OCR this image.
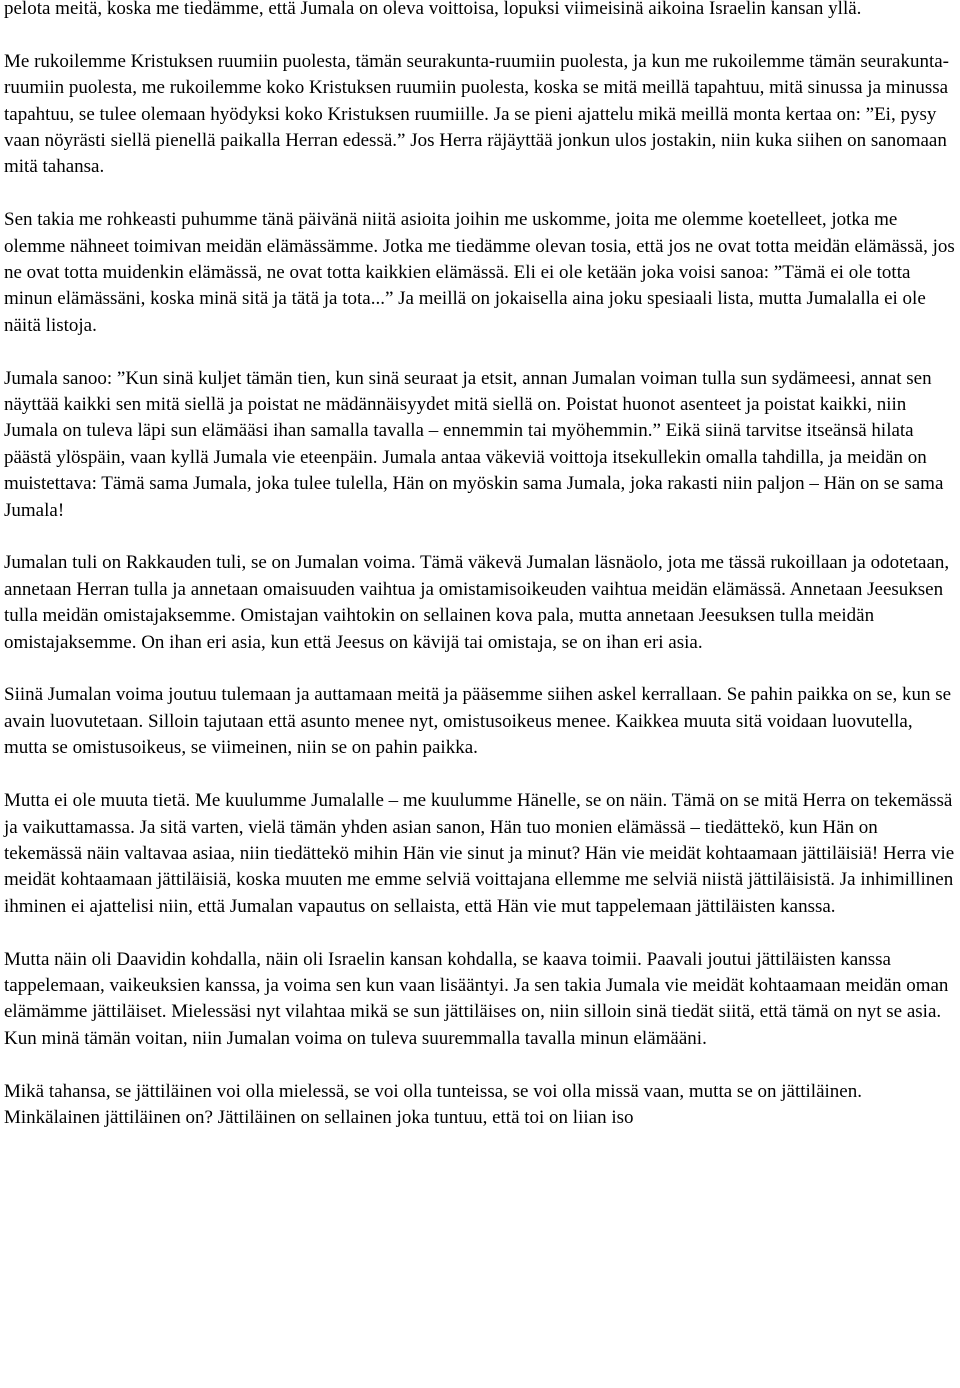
pelota meitä, koska me tiedämme, että Jumala on oleva voittoisa, lopuksi viimeisinä aikoina Israelin kansan yllä.

Me rukoilemme Kristuksen ruumiin puolesta, tämän seurakunta-ruumiin puolesta, ja kun me rukoilemme tämän seurakunta-ruumiin puolesta, me rukoilemme koko Kristuksen ruumiin puolesta, koska se mitä meillä tapahtuu, mitä sinussa ja minussa tapahtuu, se tulee olemaan hyödyksi koko Kristuksen ruumiille. Ja se pieni ajattelu mikä meillä monta kertaa on: ”Ei, pysy vaan nöyrästi siellä pienellä paikalla Herran edessä.” Jos Herra räjäyttää jonkun ulos jostakin, niin kuka siihen on sanomaan mitä tahansa.

Sen takia me rohkeasti puhumme tänä päivänä niitä asioita joihin me uskomme, joita me olemme koetelleet, jotka me olemme nähneet toimivan meidän elämässämme. Jotka me tiedämme olevan tosia, että jos ne ovat totta meidän elämässä, jos ne ovat totta muidenkin elämässä, ne ovat totta kaikkien elämässä. Eli ei ole ketään joka voisi sanoa: ”Tämä ei ole totta minun elämässäni, koska minä sitä ja tätä ja tota...” Ja meillä on jokaisella aina joku spesiaali lista, mutta Jumalalla ei ole näitä listoja.

Jumala sanoo: ”Kun sinä kuljet tämän tien, kun sinä seuraat ja etsit, annan Jumalan voiman tulla sun sydämeesi, annat sen näyttää kaikki sen mitä siellä ja poistat ne mädännäisyydet mitä siellä on. Poistat huonot asenteet ja poistat kaikki, niin Jumala on tuleva läpi sun elämääsi ihan samalla tavalla – ennemmin tai myöhemmin.” Eikä siinä tarvitse itseänsä hilata päästä ylöspäin, vaan kyllä Jumala vie eteenpäin. Jumala antaa väkeviä voittoja itsekullekin omalla tahdilla, ja meidän on muistettava: Tämä sama Jumala, joka tulee tulella, Hän on myöskin sama Jumala, joka rakasti niin paljon – Hän on se sama Jumala!

Jumalan tuli on Rakkauden tuli, se on Jumalan voima. Tämä väkevä Jumalan läsnäolo, jota me tässä rukoillaan ja odotetaan, annetaan Herran tulla ja annetaan omaisuuden vaihtua ja omistamisoikeuden vaihtua meidän elämässä. Annetaan Jeesuksen tulla meidän omistajaksemme. Omistajan vaihtokin on sellainen kova pala, mutta annetaan Jeesuksen tulla meidän omistajaksemme. On ihan eri asia, kun että Jeesus on kävijä tai omistaja, se on ihan eri asia.

Siinä Jumalan voima joutuu tulemaan ja auttamaan meitä ja pääsemme siihen askel kerrallaan. Se pahin paikka on se, kun se avain luovutetaan. Silloin tajutaan että asunto menee nyt, omistusoikeus menee. Kaikkea muuta sitä voidaan luovutella, mutta se omistusoikeus, se viimeinen, niin se on pahin paikka.

Mutta ei ole muuta tietä. Me kuulumme Jumalalle – me kuulumme Hänelle, se on näin. Tämä on se mitä Herra on tekemässä ja vaikuttamassa. Ja sitä varten, vielä tämän yhden asian sanon, Hän tuo monien elämässä – tiedättekö, kun Hän on tekemässä näin valtavaa asiaa, niin tiedättekö mihin Hän vie sinut ja minut? Hän vie meidät kohtaamaan jättiläisiä! Herra vie meidät kohtaamaan jättiläisiä, koska muuten me emme selviä voittajana ellemme me selviä niistä jättiläisistä. Ja inhimillinen ihminen ei ajattelisi niin, että Jumalan vapautus on sellaista, että Hän vie mut tappelemaan jättiläisten kanssa.

Mutta näin oli Daavidin kohdalla, näin oli Israelin kansan kohdalla, se kaava toimii. Paavali joutui jättiläisten kanssa tappelemaan, vaikeuksien kanssa, ja voima sen kun vaan lisääntyi. Ja sen takia Jumala vie meidät kohtaamaan meidän oman elämämme jättiläiset. Mielessäsi nyt vilahtaa mikä se sun jättiläises on, niin silloin sinä tiedät siitä, että tämä on nyt se asia. Kun minä tämän voitan, niin Jumalan voima on tuleva suuremmalla tavalla minun elämääni.

Mikä tahansa, se jättiläinen voi olla mielessä, se voi olla tunteissa, se voi olla missä vaan, mutta se on jättiläinen. Minkälainen jättiläinen on? Jättiläinen on sellainen joka tuntuu, että toi on liian iso
